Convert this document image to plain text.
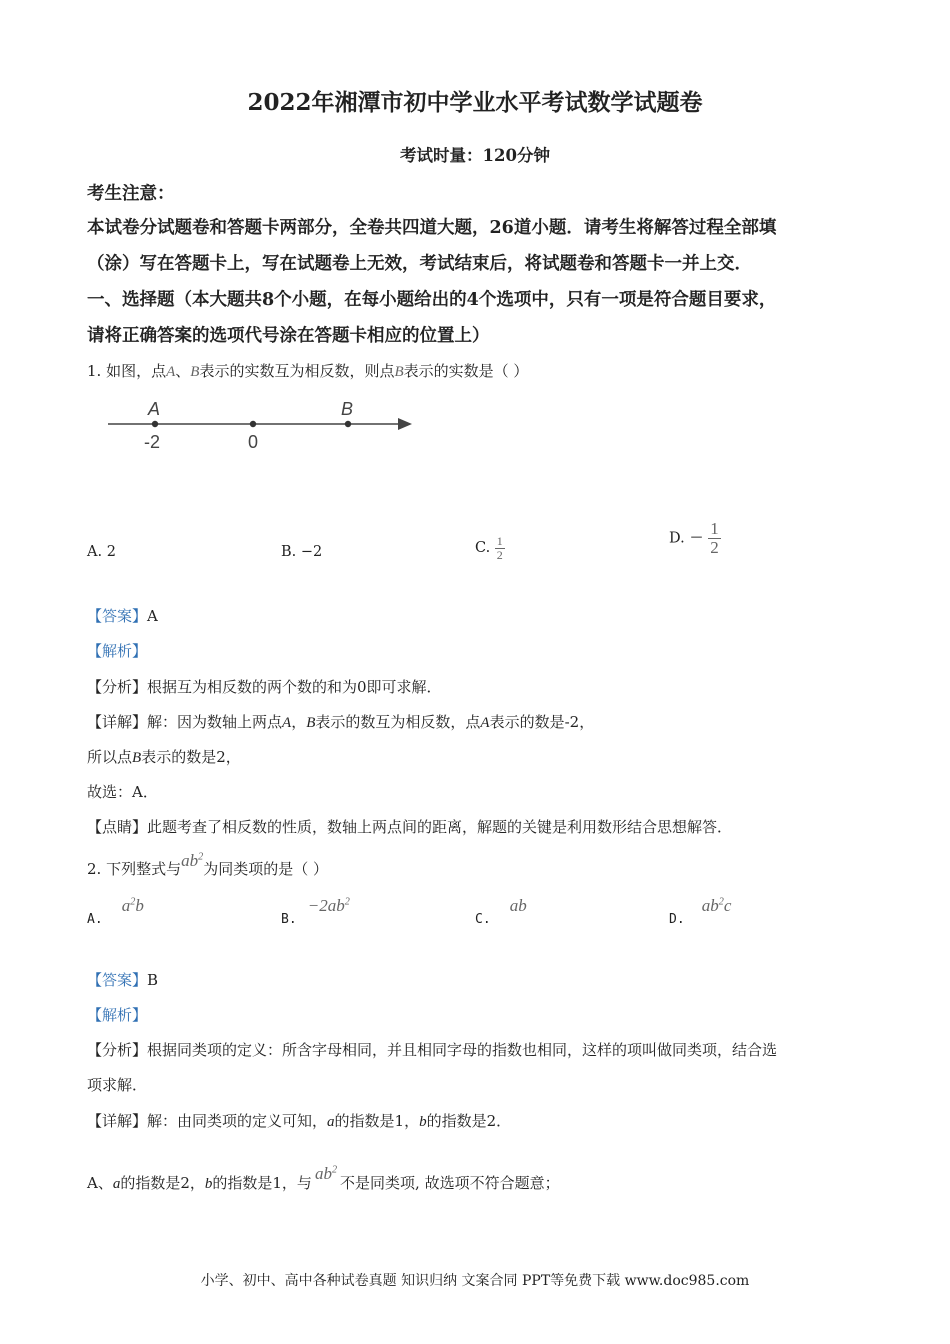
2022年湘潭市初中学业水平考试数学试题卷
考试时量：120分钟
考生注意：
本试卷分试题卷和答题卡两部分，全卷共四道大题，26道小题．请考生将解答过程全部填
（涂）写在答题卡上，写在试题卷上无效，考试结束后，将试题卷和答题卡一并上交．
一、选择题（本大题共8个小题，在每小题给出的4个选项中，只有一项是符合题目要求，
请将正确答案的选项代号涂在答题卡相应的位置上）
1. 如图，点A、B表示的实数互为相反数，则点B表示的实数是（ ）
A	B
-2	0
A. 2	B. −2	C. $\frac{1}{2}$	D. − $\frac{1}{2}$
【答案】A
【解析】
【分析】根据互为相反数的两个数的和为0即可求解．
【详解】解：因为数轴上两点A，B表示的数互为相反数，点A表示的数是-2，
所以点B表示的数是2，
故选：A．
【点睛】此题考查了相反数的性质，数轴上两点间的距离，解题的关键是利用数形结合思想解答．
2. 下列整式与$ab^2$为同类项的是（ ）
A. $a^2b$
B. $-2ab^2$
C. ab
D. $ab^2c$
【答案】B
【解析】
【分析】根据同类项的定义：所含字母相同，并且相同字母的指数也相同，这样的项叫做同类项，结合选
项求解．
【详解】解：由同类项的定义可知，a的指数是1，b的指数是2．
A、a的指数是2，b的指数是1，与 $ab^2$不是同类项, 故选项不符合题意；
小学、初中、高中各种试卷真题 知识归纳 文案合同 PPT等免费下载 www.doc985.com
